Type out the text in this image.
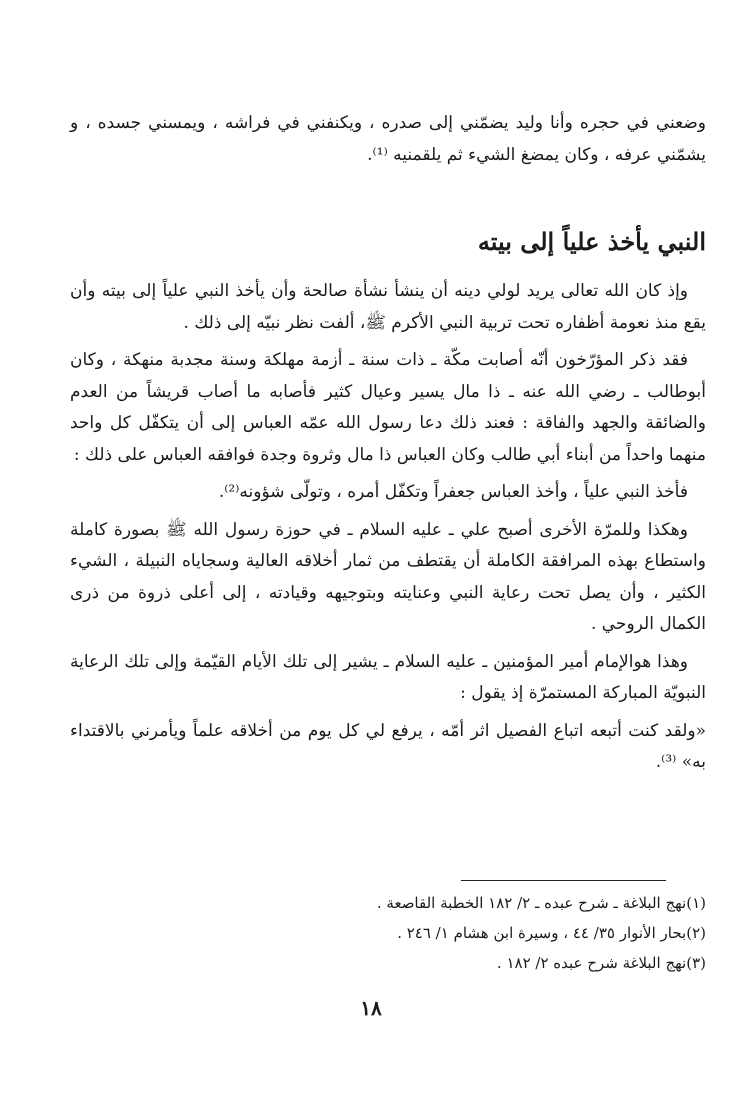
وضعني في حجره وأنا وليد يضمّني إلى صدره ، ويكنفني في فراشه ، ويمسني جسده ، و يشمّني عرفه ، وكان يمضغ الشيء ثم يلقمنيه ⁽¹⁾.

النبي يأخذ علياً إلى بيته

وإذ كان الله تعالى يريد لولي دينه أن ينشأ نشأة صالحة وأن يأخذ النبي علياً إلى بيته وأن يقع منذ نعومة أظفاره تحت تربية النبي الأكرم ﷺ، ألفت نظر نبيّه إلى ذلك .

فقد ذكر المؤرّخون أنّه أصابت مكّة ـ ذات سنة ـ أزمة مهلكة وسنة مجدبة منهكة ، وكان أبوطالب ـ رضي الله عنه ـ ذا مال يسير وعيال كثير فأصابه ما أصاب قريشاً من العدم والضائقة والجهد والفاقة : فعند ذلك دعا رسول الله عمّه العباس إلى أن يتكفّل كل واحد منهما واحداً من أبناء أبي طالب وكان العباس ذا مال وثروة وجدة فوافقه العباس على ذلك :

فأخذ النبي علياً ، وأخذ العباس جعفراً وتكفّل أمره ، وتولّى شؤونه⁽²⁾.

وهكذا وللمرّة الأخرى أصبح علي ـ عليه السلام ـ في حوزة رسول الله ﷺ بصورة كاملة واستطاع بهذه المرافقة الكاملة أن يقتطف من ثمار أخلاقه العالية وسجاياه النبيلة ، الشيء الكثير ، وأن يصل تحت رعاية النبي وعنايته وبتوجيهه وقيادته ، إلى أعلى ذروة من ذرى الكمال الروحي .

وهذا هوالإمام أمير المؤمنين ـ عليه السلام ـ يشير إلى تلك الأيام القيّمة وإلى تلك الرعاية النبويّة المباركة المستمرّة إذ يقول :

«ولقد كنت أتبعه اتباع الفصيل اثر أمّه ، يرفع لي كل يوم من أخلاقه علماً ويأمرني بالاقتداء به» ⁽³⁾.

(١)نهج البلاغة ـ شرح عبده ـ ٢/ ١٨٢ الخطبة القاصعة .

(٢)بحار الأنوار ٣٥/ ٤٤ ، وسيرة ابن هشام ١/ ٢٤٦ .

(٣)نهج البلاغة شرح عبده ٢/ ١٨٢ .

١٨
